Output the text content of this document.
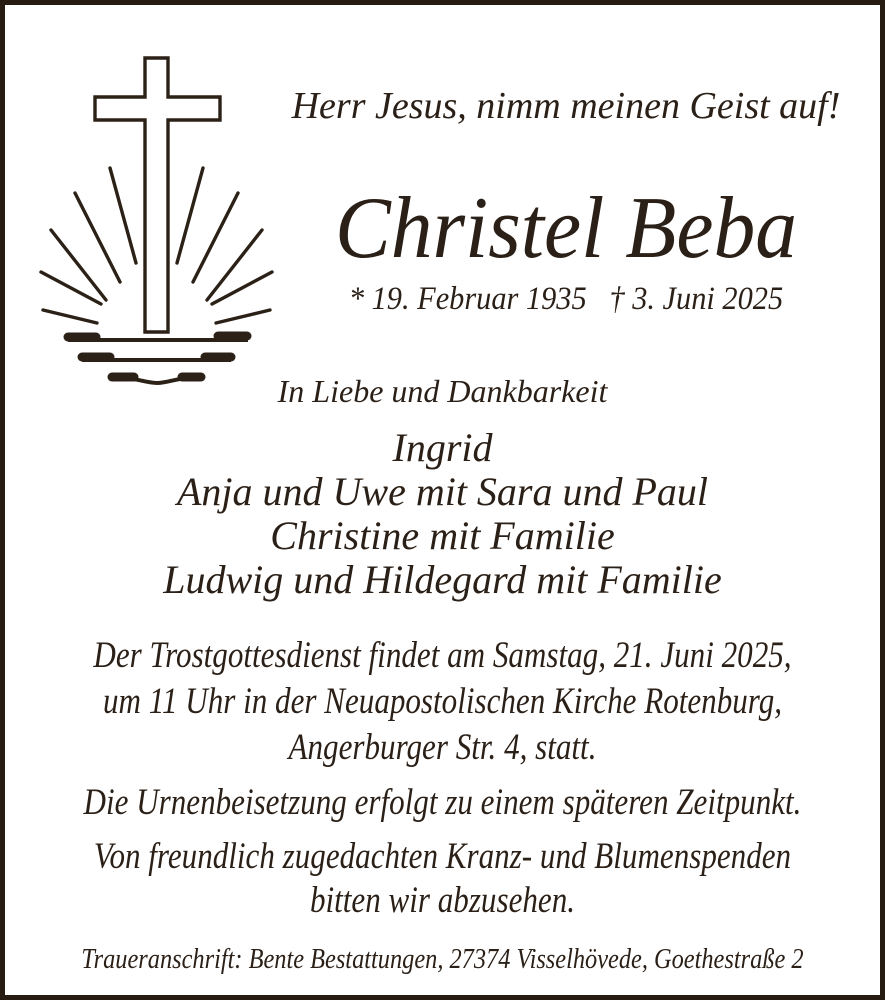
Herr Jesus, nimm meinen Geist auf!
Christel Beba
* 19. Februar 1935   † 3. Juni 2025
In Liebe und Dankbarkeit
Ingrid
Anja und Uwe mit Sara und Paul
Christine mit Familie
Ludwig und Hildegard mit Familie
Der Trostgottesdienst findet am Samstag, 21. Juni 2025,
um 11 Uhr in der Neuapostolischen Kirche Rotenburg,
Angerburger Str. 4, statt.
Die Urnenbeisetzung erfolgt zu einem späteren Zeitpunkt.
Von freundlich zugedachten Kranz- und Blumenspenden
bitten wir abzusehen.
Traueranschrift: Bente Bestattungen, 27374 Visselhövede, Goethestraße 2
